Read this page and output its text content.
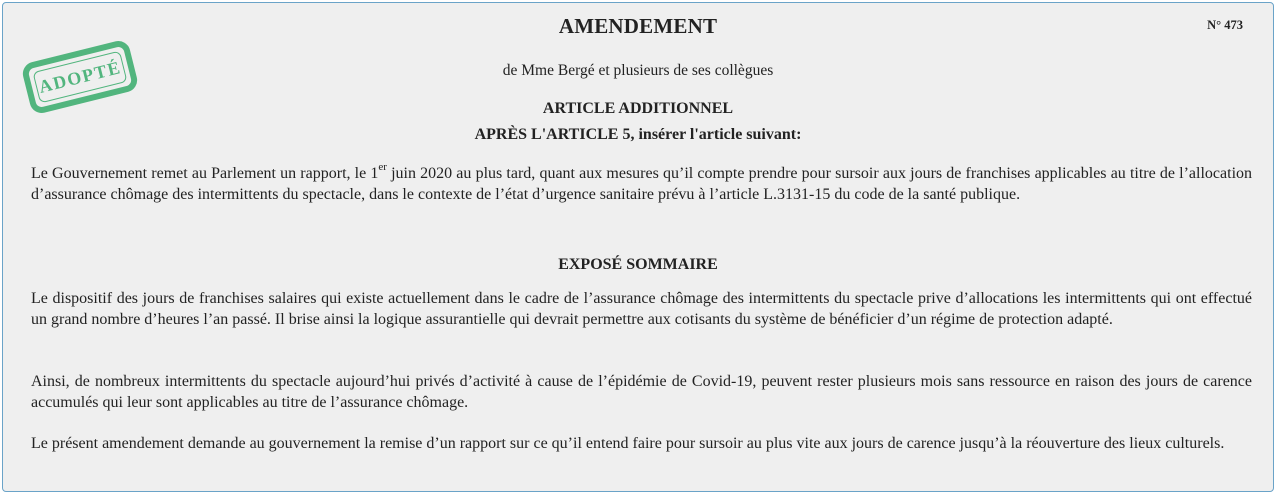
AMENDEMENT	N° 473
ADOPTÉ	de Mme Bergé et plusieurs de ses collègues
ARTICLE ADDITIONNEL
APRÈS L'ARTICLE 5, insérer l'article suivant:
Le Gouvernement remet au Parlement un rapport, le 1er juin 2020 au plus tard, quant aux mesures qu’il compte prendre pour sursoir aux jours de franchises applicables au titre de l’allocation d’assurance chômage des intermittents du spectacle, dans le contexte de l’état d’urgence sanitaire prévu à l’article L.3131-15 du code de la santé publique.
EXPOSÉ SOMMAIRE
Le dispositif des jours de franchises salaires qui existe actuellement dans le cadre de l’assurance chômage des intermittents du spectacle prive d’allocations les intermittents qui ont effectué un grand nombre d’heures l’an passé. Il brise ainsi la logique assurantielle qui devrait permettre aux cotisants du système de bénéficier d’un régime de protection adapté.
Ainsi, de nombreux intermittents du spectacle aujourd’hui privés d’activité à cause de l’épidémie de Covid-19, peuvent rester plusieurs mois sans ressource en raison des jours de carence accumulés qui leur sont applicables au titre de l’assurance chômage.
Le présent amendement demande au gouvernement la remise d’un rapport sur ce qu’il entend faire pour sursoir au plus vite aux jours de carence jusqu’à la réouverture des lieux culturels.
